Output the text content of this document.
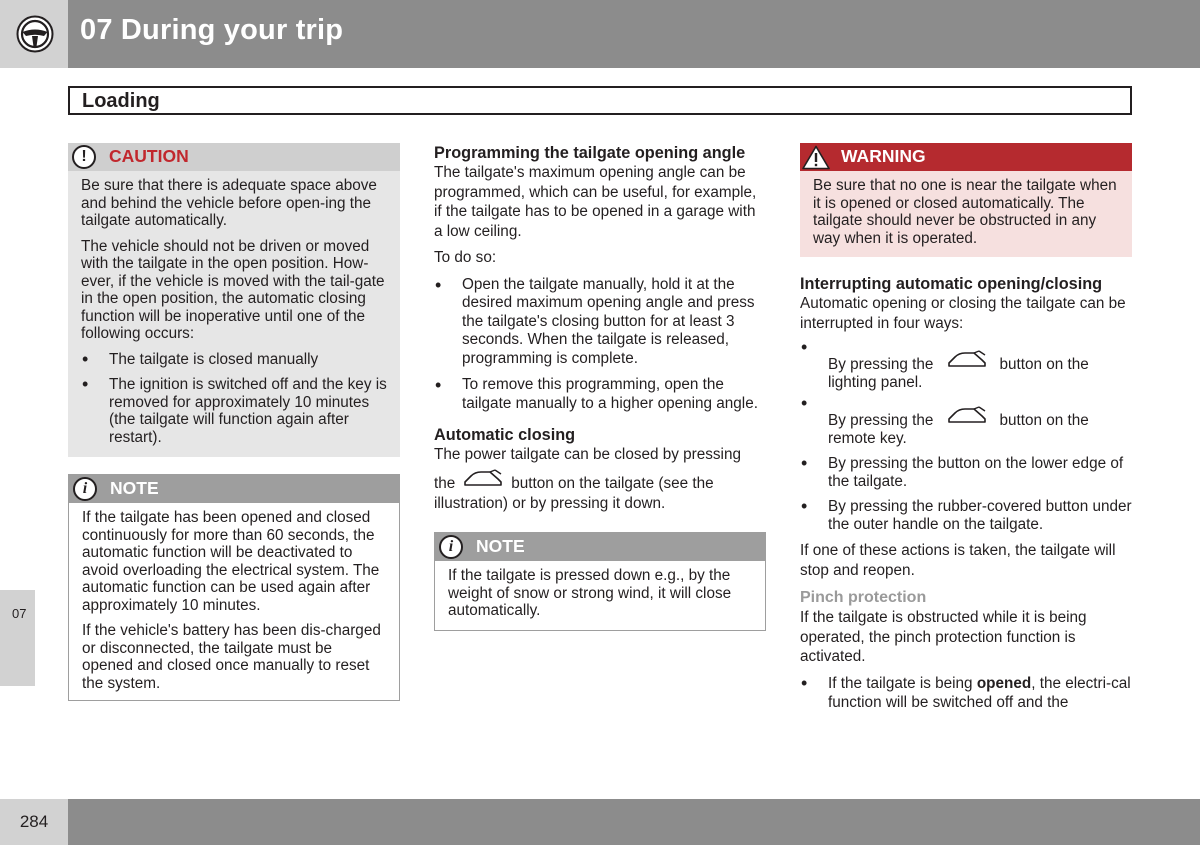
07 During your trip
Loading
07
284
!	CAUTION

Be sure that there is adequate space above and behind the vehicle before open-ing the tailgate automatically.

The vehicle should not be driven or moved with the tailgate in the open position. How-ever, if the vehicle is moved with the tail-gate in the open position, the automatic closing function will be inoperative until one of the following occurs:

• The tailgate is closed manually
• The ignition is switched off and the key is removed for approximately 10 minutes (the tailgate will function again after restart).
i	NOTE

If the tailgate has been opened and closed continuously for more than 60 seconds, the automatic function will be deactivated to avoid overloading the electrical system. The automatic function can be used again after approximately 10 minutes.

If the vehicle's battery has been dis-charged or disconnected, the tailgate must be opened and closed once manually to reset the system.

Programming the tailgate opening angle

The tailgate's maximum opening angle can be programmed, which can be useful, for example, if the tailgate has to be opened in a garage with a low ceiling.

To do so:

• Open the tailgate manually, hold it at the desired maximum opening angle and press the tailgate's closing button for at least 3 seconds. When the tailgate is released, programming is complete.
• To remove this programming, open the tailgate manually to a higher opening angle.
Automatic closing

The power tailgate can be closed by pressing

the	button on the tailgate (see the illustration) or by pressing it down.

i	NOTE

If the tailgate is pressed down e.g., by the weight of snow or strong wind, it will close automatically.

WARNING

Be sure that no one is near the tailgate when it is opened or closed automatically. The tailgate should never be obstructed in any way when it is operated.

Interrupting automatic opening/closing

Automatic opening or closing the tailgate can be interrupted in four ways:

• By pressing the	button on the
lighting panel.
• By pressing the	button on the
remote key.
• By pressing the button on the lower edge of the tailgate.
• By pressing the rubber-covered button under the outer handle on the tailgate.

If one of these actions is taken, the tailgate will stop and reopen.

Pinch protection

If the tailgate is obstructed while it is being operated, the pinch protection function is activated.

• If the tailgate is being opened, the electri-cal function will be switched off and the
